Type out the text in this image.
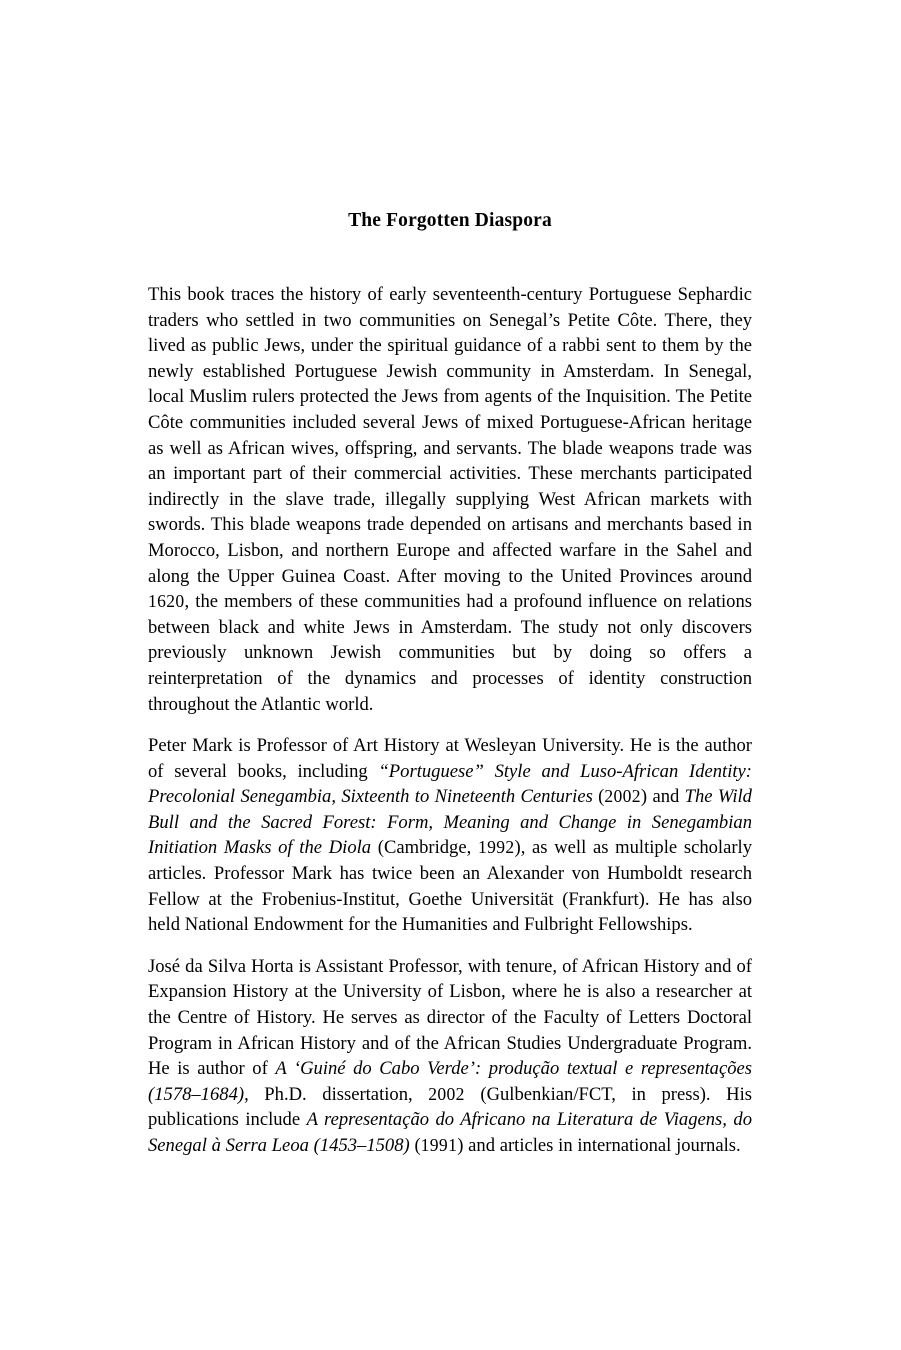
The Forgotten Diaspora

This book traces the history of early seventeenth-century Portuguese Sephardic traders who settled in two communities on Senegal’s Petite Côte. There, they lived as public Jews, under the spiritual guidance of a rabbi sent to them by the newly established Portuguese Jewish community in Amsterdam. In Senegal, local Muslim rulers protected the Jews from agents of the Inquisition. The Petite Côte communities included several Jews of mixed Portuguese-African heritage as well as African wives, offspring, and servants. The blade weapons trade was an important part of their commercial activities. These merchants participated indirectly in the slave trade, illegally supplying West African markets with swords. This blade weapons trade depended on artisans and merchants based in Morocco, Lisbon, and northern Europe and affected warfare in the Sahel and along the Upper Guinea Coast. After moving to the United Provinces around 1620, the members of these communities had a profound influence on relations between black and white Jews in Amsterdam. The study not only discovers previously unknown Jewish communities but by doing so offers a reinterpretation of the dynamics and processes of identity construction throughout the Atlantic world.

Peter Mark is Professor of Art History at Wesleyan University. He is the author of several books, including “Portuguese” Style and Luso-African Identity: Precolonial Senegambia, Sixteenth to Nineteenth Centuries (2002) and The Wild Bull and the Sacred Forest: Form, Meaning and Change in Senegambian Initiation Masks of the Diola (Cambridge, 1992), as well as multiple scholarly articles. Professor Mark has twice been an Alexander von Humboldt research Fellow at the Frobenius-Institut, Goethe Universität (Frankfurt). He has also held National Endowment for the Humanities and Fulbright Fellowships.

José da Silva Horta is Assistant Professor, with tenure, of African History and of Expansion History at the University of Lisbon, where he is also a researcher at the Centre of History. He serves as director of the Faculty of Letters Doctoral Program in African History and of the African Studies Undergraduate Program. He is author of A ‘Guiné do Cabo Verde’: produção textual e representações (1578–1684), Ph.D. dissertation, 2002 (Gulbenkian/FCT, in press). His publications include A representação do Africano na Literatura de Viagens, do Senegal à Serra Leoa (1453–1508) (1991) and articles in international journals.
